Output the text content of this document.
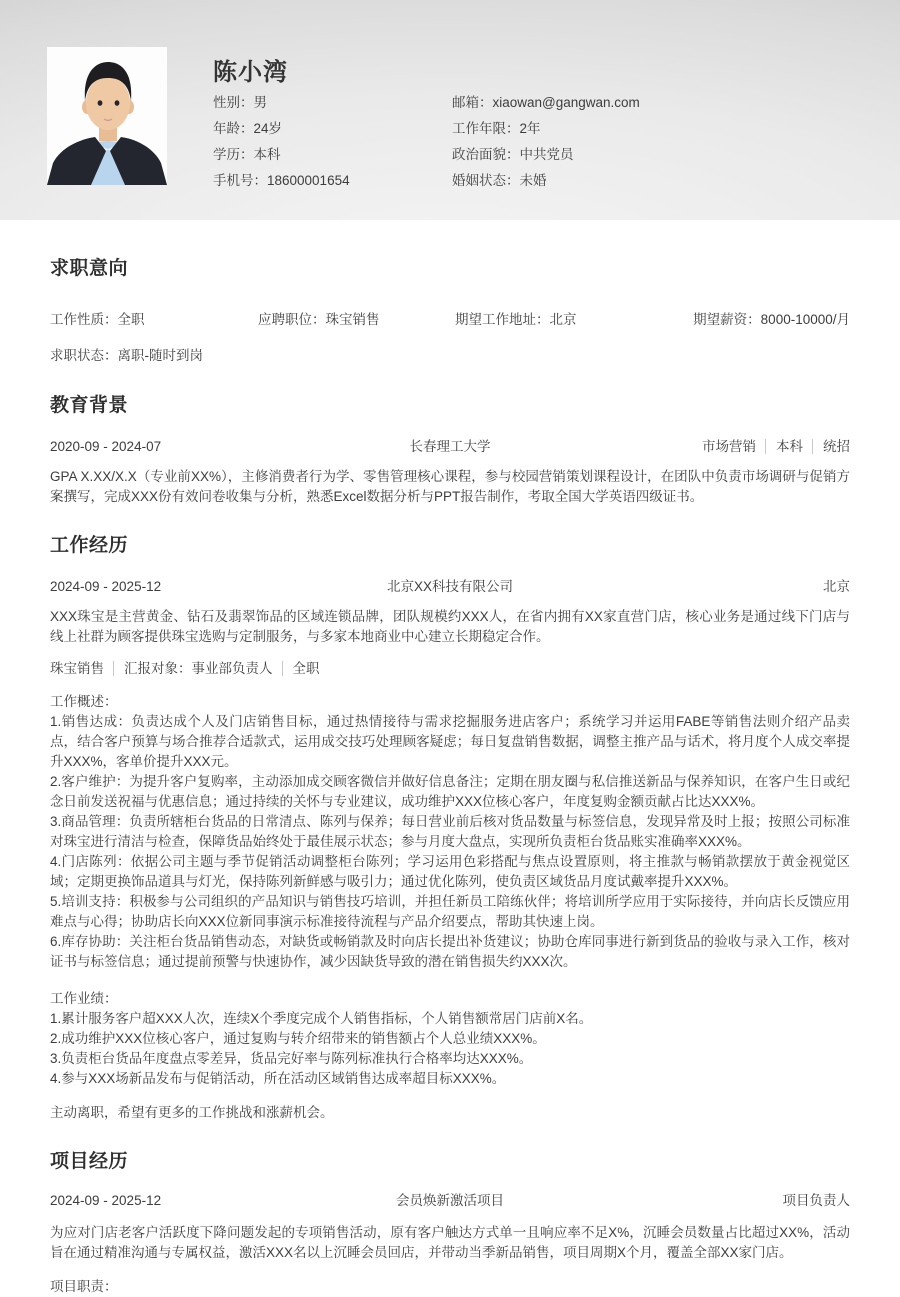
陈小湾
性别：男
年龄：24岁
学历：本科
手机号：18600001654
邮箱：xiaowan@gangwan.com
工作年限：2年
政治面貌：中共党员
婚姻状态：未婚
求职意向
工作性质：全职	应聘职位：珠宝销售	期望工作地址：北京	期望薪资：8000-10000/月
求职状态：离职-随时到岗
教育背景
2020-09 - 2024-07	长春理工大学	市场营销 本科 统招
GPA X.XX/X.X（专业前XX%），主修消费者行为学、零售管理核心课程，参与校园营销策划课程设计，在团队中负责市场调研与促销方案撰写，完成XXX份有效问卷收集与分析，熟悉Excel数据分析与PPT报告制作，考取全国大学英语四级证书。
工作经历
2024-09 - 2025-12	北京XX科技有限公司	北京
XXX珠宝是主营黄金、钻石及翡翠饰品的区域连锁品牌，团队规模约XXX人，在省内拥有XX家直营门店，核心业务是通过线下门店与线上社群为顾客提供珠宝选购与定制服务，与多家本地商业中心建立长期稳定合作。
珠宝销售 汇报对象：事业部负责人 全职
工作概述：
1.销售达成：负责达成个人及门店销售目标，通过热情接待与需求挖掘服务进店客户；系统学习并运用FABE等销售法则介绍产品卖点，结合客户预算与场合推荐合适款式，运用成交技巧处理顾客疑虑；每日复盘销售数据，调整主推产品与话术，将月度个人成交率提升XXX%，客单价提升XXX元。
2.客户维护：为提升客户复购率，主动添加成交顾客微信并做好信息备注；定期在朋友圈与私信推送新品与保养知识，在客户生日或纪念日前发送祝福与优惠信息；通过持续的关怀与专业建议，成功维护XXX位核心客户，年度复购金额贡献占比达XXX%。
3.商品管理：负责所辖柜台货品的日常清点、陈列与保养；每日营业前后核对货品数量与标签信息，发现异常及时上报；按照公司标准对珠宝进行清洁与检查，保障货品始终处于最佳展示状态；参与月度大盘点，实现所负责柜台货品账实准确率XXX%。
4.门店陈列：依据公司主题与季节促销活动调整柜台陈列；学习运用色彩搭配与焦点设置原则，将主推款与畅销款摆放于黄金视觉区域；定期更换饰品道具与灯光，保持陈列新鲜感与吸引力；通过优化陈列，使负责区域货品月度试戴率提升XXX%。
5.培训支持：积极参与公司组织的产品知识与销售技巧培训，并担任新员工陪练伙伴；将培训所学应用于实际接待，并向店长反馈应用难点与心得；协助店长向XXX位新同事演示标准接待流程与产品介绍要点，帮助其快速上岗。
6.库存协助：关注柜台货品销售动态，对缺货或畅销款及时向店长提出补货建议；协助仓库同事进行新到货品的验收与录入工作，核对证书与标签信息；通过提前预警与快速协作，减少因缺货导致的潜在销售损失约XXX次。
工作业绩：
1.累计服务客户超XXX人次，连续X个季度完成个人销售指标，个人销售额常居门店前X名。
2.成功维护XXX位核心客户，通过复购与转介绍带来的销售额占个人总业绩XXX%。
3.负责柜台货品年度盘点零差异，货品完好率与陈列标准执行合格率均达XXX%。
4.参与XXX场新品发布与促销活动，所在活动区域销售达成率超目标XXX%。
主动离职，希望有更多的工作挑战和涨薪机会。
项目经历
2024-09 - 2025-12	会员焕新激活项目	项目负责人
为应对门店老客户活跃度下降问题发起的专项销售活动，原有客户触达方式单一且响应率不足X%，沉睡会员数量占比超过XX%，活动旨在通过精准沟通与专属权益，激活XXX名以上沉睡会员回店，并带动当季新品销售，项目周期X个月，覆盖全部XX家门店。
项目职责：
